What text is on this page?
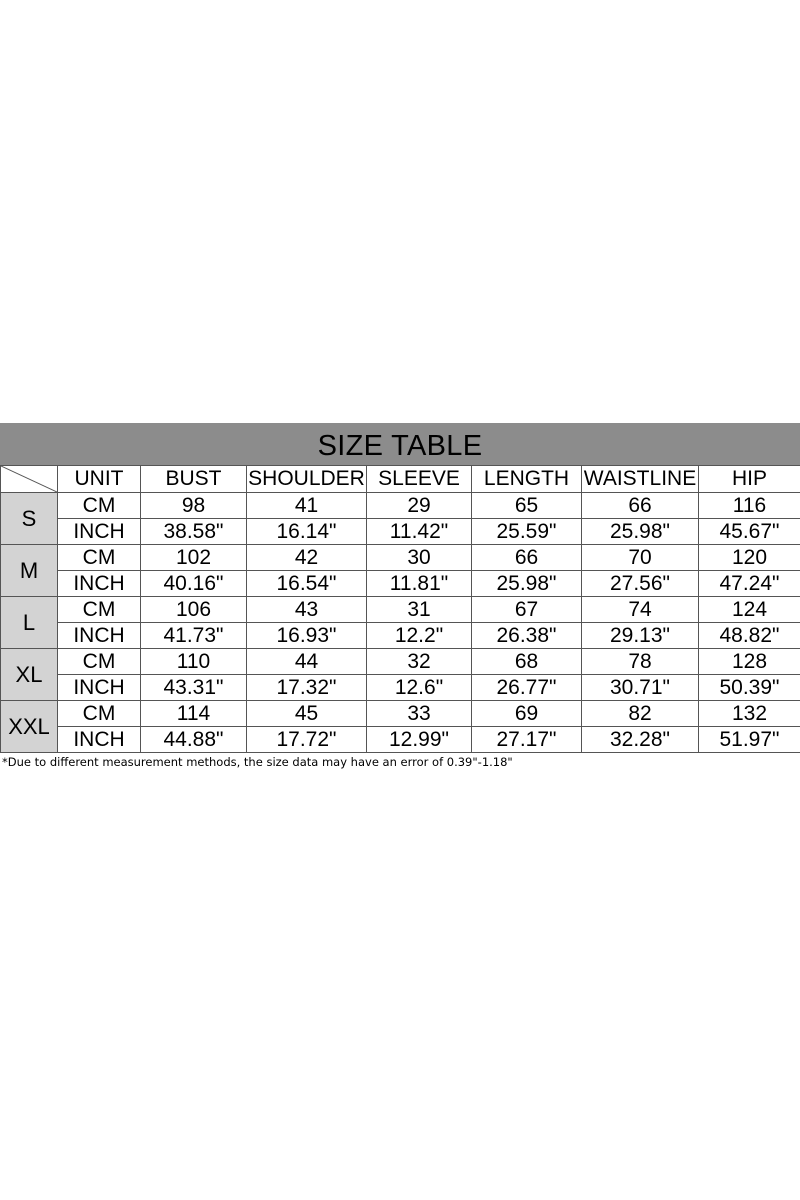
SIZE TABLE
	UNIT	BUST	SHOULDER	SLEEVE	LENGTH	WAISTLINE	HIP
S	CM	98	41	29	65	66	116
	INCH	38.58"	16.14"	11.42"	25.59"	25.98"	45.67"
M	CM	102	42	30	66	70	120
	INCH	40.16"	16.54"	11.81"	25.98"	27.56"	47.24"
L	CM	106	43	31	67	74	124
	INCH	41.73"	16.93"	12.2"	26.38"	29.13"	48.82"
XL	CM	110	44	32	68	78	128
	INCH	43.31"	17.32"	12.6"	26.77"	30.71"	50.39"
XXL	CM	114	45	33	69	82	132
	INCH	44.88"	17.72"	12.99"	27.17"	32.28"	51.97"
*Due to different measurement methods, the size data may have an error of 0.39"-1.18"
